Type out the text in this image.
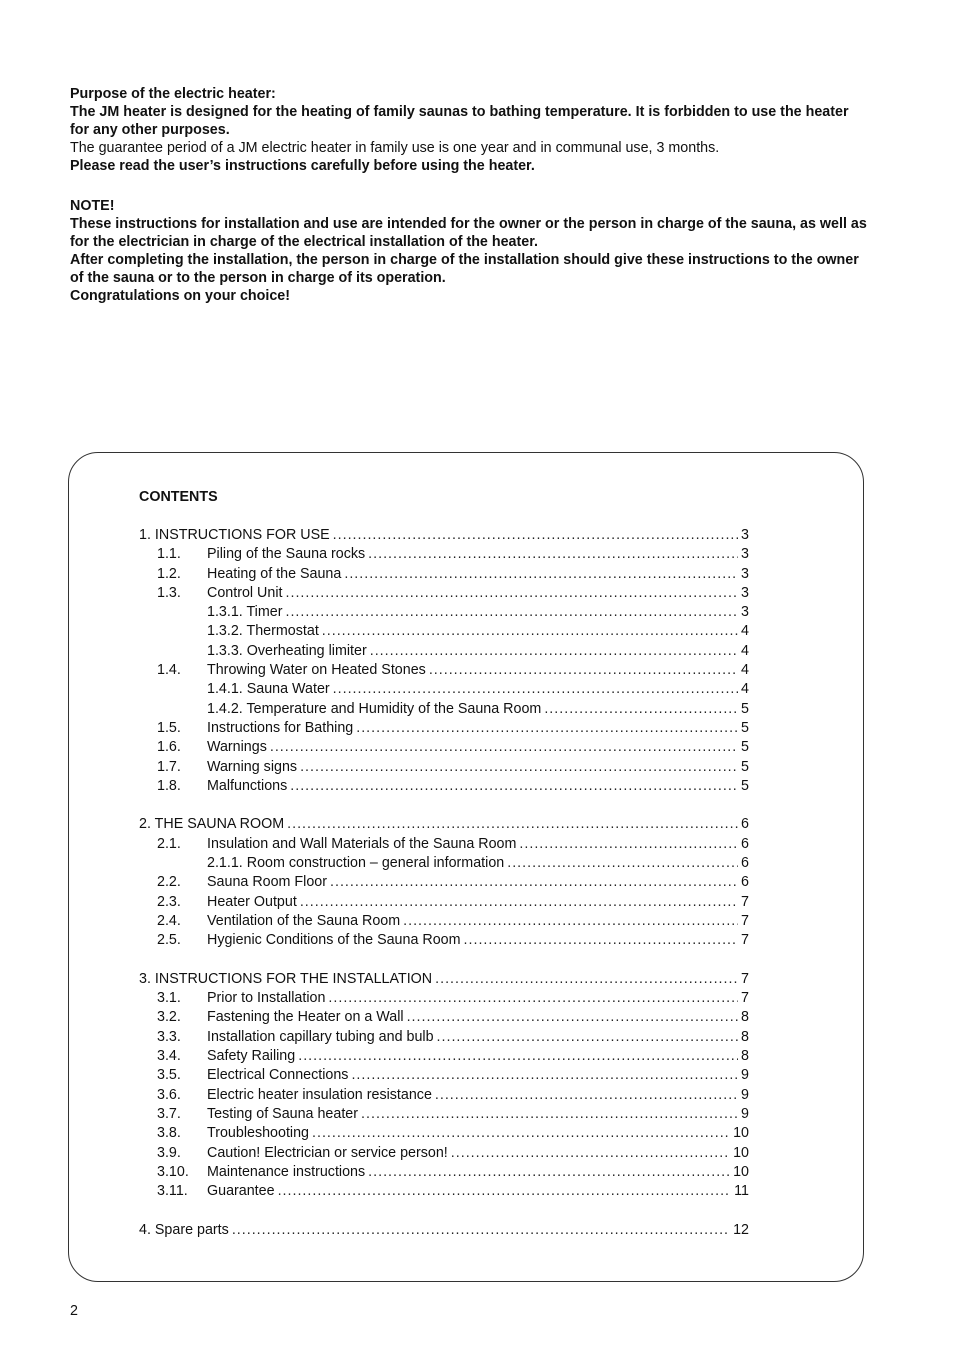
Purpose of the electric heater:

The JM heater is designed for the heating of family saunas to bathing temperature. It is forbidden to use the heater for any other purposes.

The guarantee period of a JM electric heater in family use is one year and in communal use, 3 months.

Please read the user’s instructions carefully before using the heater.

NOTE!

These instructions for installation and use are intended for the owner or the person in charge of the sauna, as well as for the electrician in charge of the electrical installation of the heater.

After completing the installation, the person in charge of the installation should give these instructions to the owner of the sauna or to the person in charge of its operation.

Congratulations on your choice!

CONTENTS
1. INSTRUCTIONS FOR USE .....	3
1.1. Piling of the Sauna rocks .....	3
1.2. Heating of the Sauna .....	3
1.3. Control Unit .....	3
1.3.1. Timer .....	3
1.3.2. Thermostat .....	4
1.3.3. Overheating limiter .....	4
1.4. Throwing Water on Heated Stones .....	4
1.4.1. Sauna Water .....	4
1.4.2. Temperature and Humidity of the Sauna Room .....	5
1.5. Instructions for Bathing .....	5
1.6. Warnings .....	5
1.7. Warning signs .....	5
1.8. Malfunctions .....	5
2. THE SAUNA ROOM .....	6
2.1. Insulation and Wall Materials of the Sauna Room .....	6
2.1.1. Room construction – general information .....	6
2.2. Sauna Room Floor .....	6
2.3. Heater Output .....	7
2.4. Ventilation of the Sauna Room .....	7
2.5. Hygienic Conditions of the Sauna Room .....	7
3. INSTRUCTIONS FOR THE INSTALLATION .....	7
3.1. Prior to Installation .....	7
3.2. Fastening the Heater on a Wall .....	8
3.3. Installation capillary tubing and bulb .....	8
3.4. Safety Railing .....	8
3.5. Electrical Connections .....	9
3.6. Electric heater insulation resistance .....	9
3.7. Testing of Sauna heater .....	9
3.8. Troubleshooting .....	10
3.9. Caution! Electrician or service person! .....	10
3.10. Maintenance instructions .....	10
3.11. Guarantee .....	11
4. Spare parts .....	12
2
